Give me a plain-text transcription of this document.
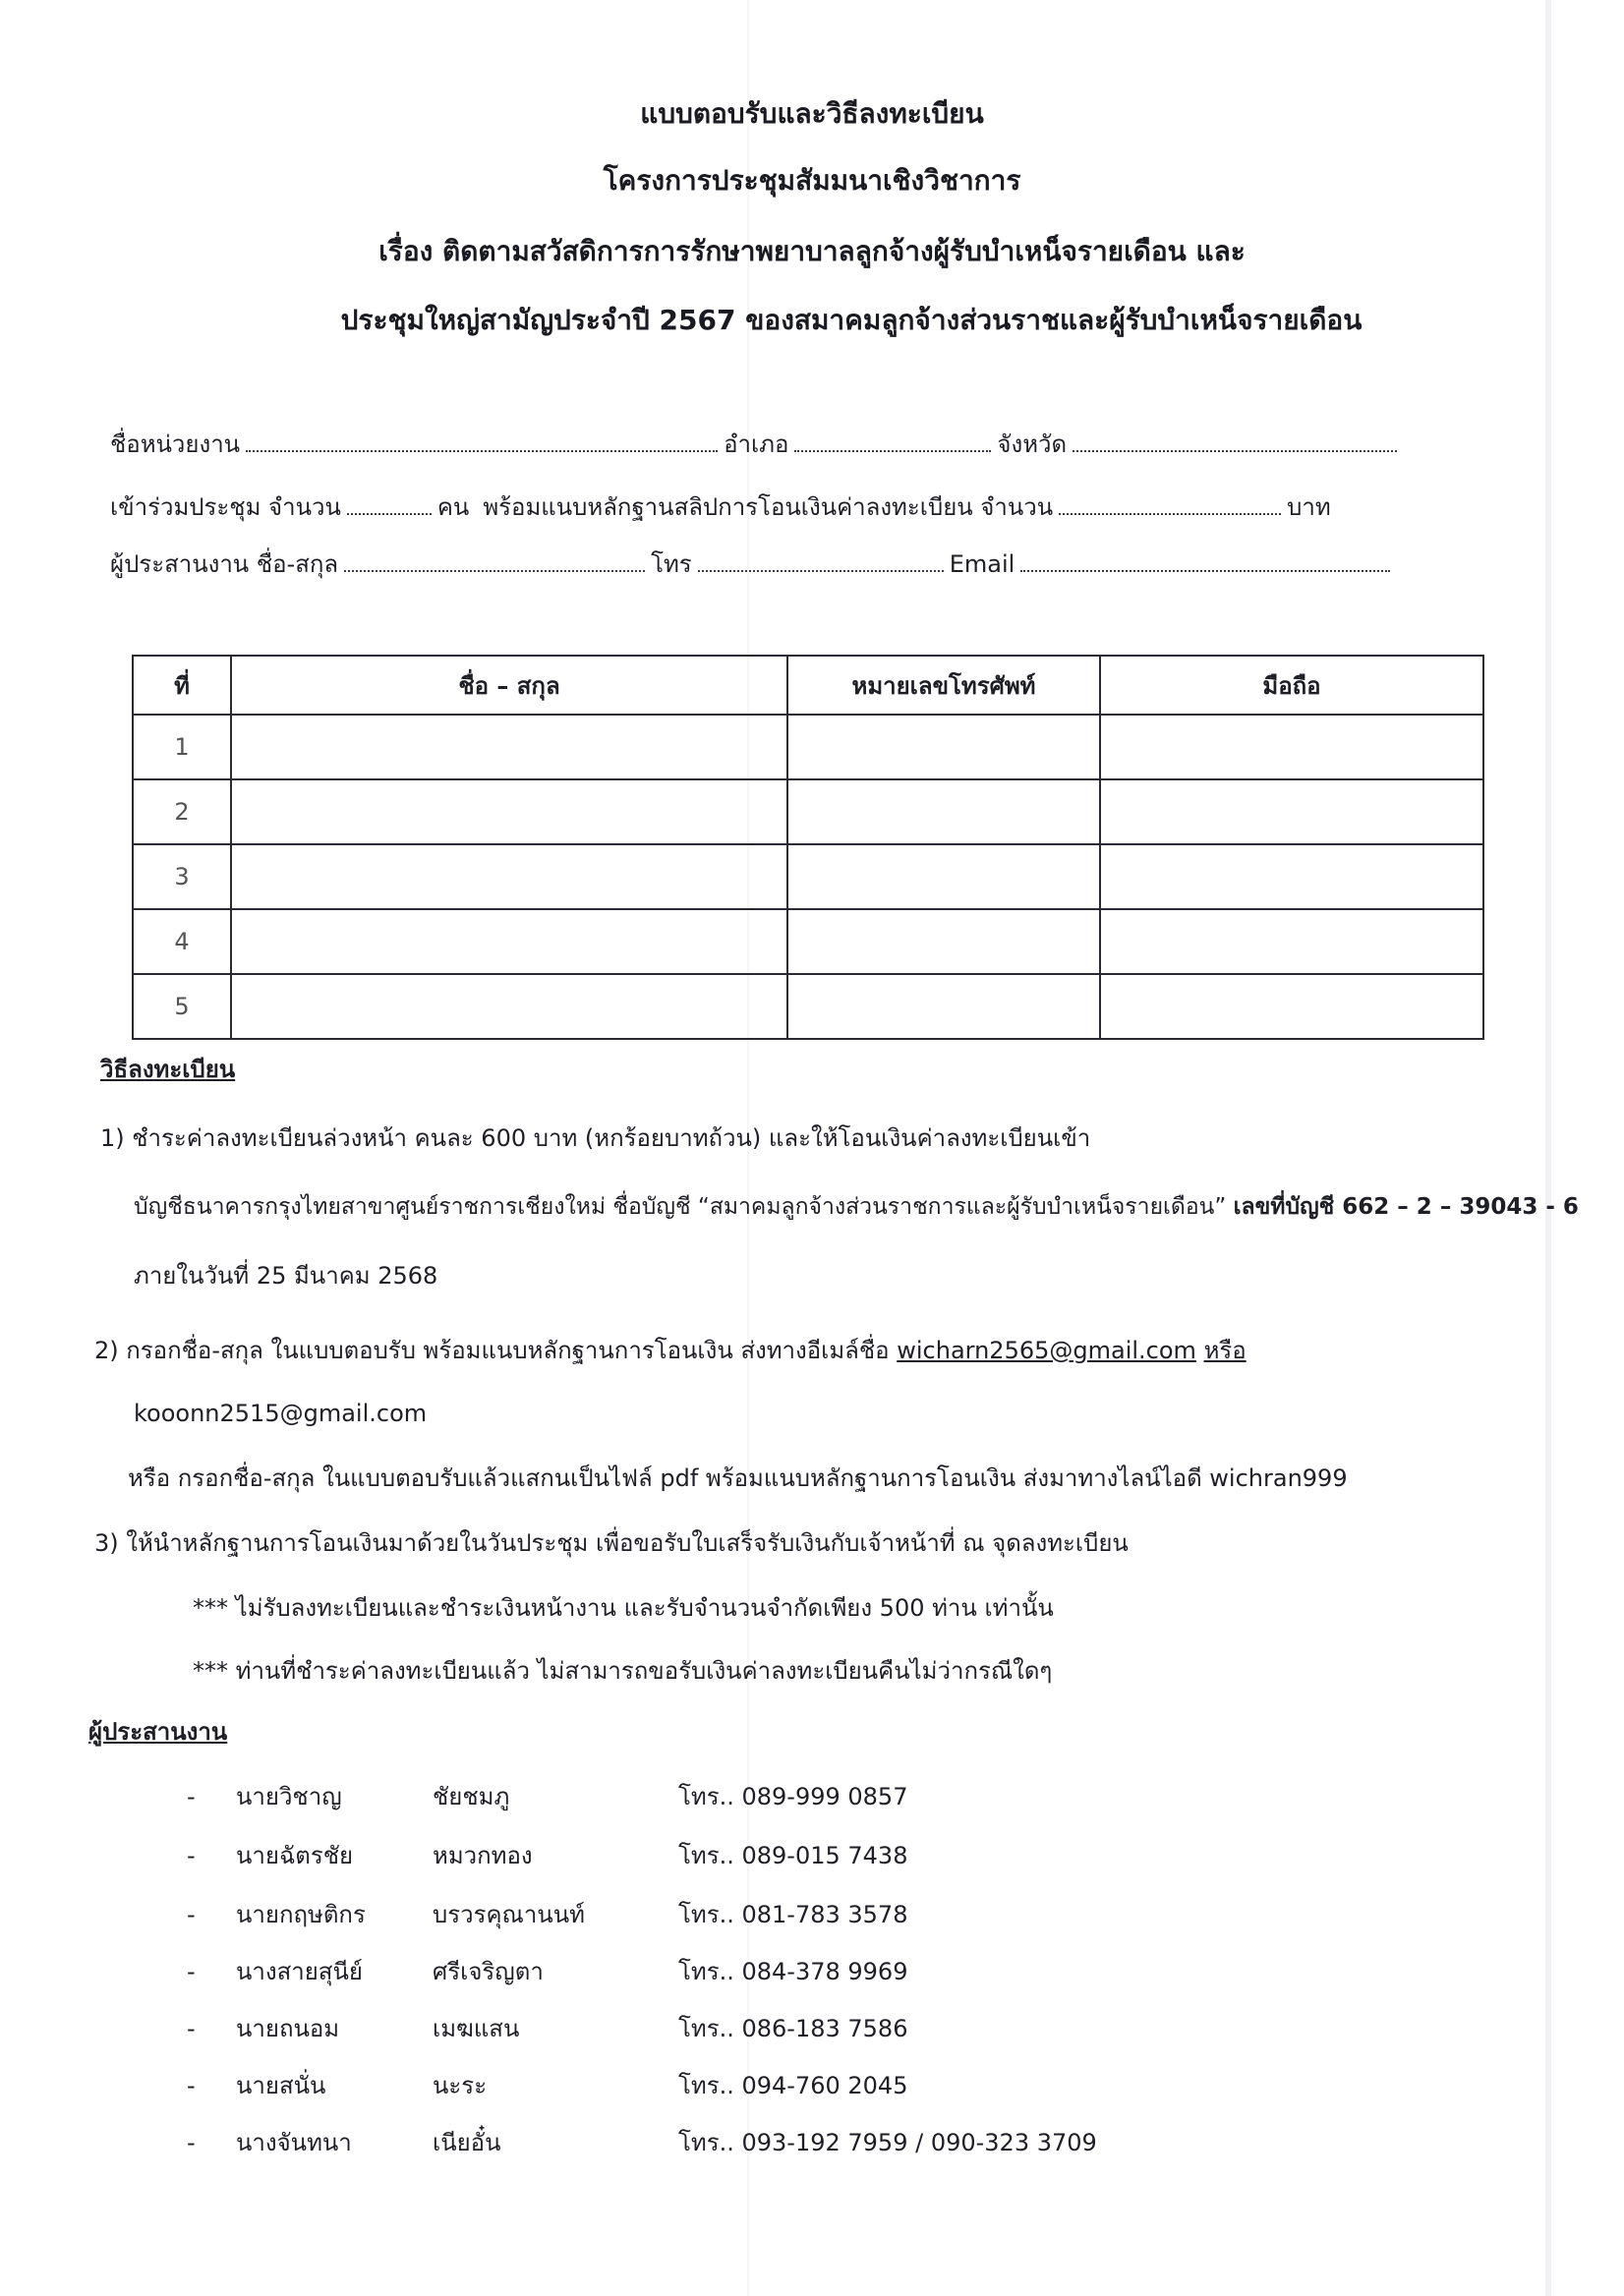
แบบตอบรับและวิธีลงทะเบียน
โครงการประชุมสัมมนาเชิงวิชาการ
เรื่อง ติดตามสวัสดิการการรักษาพยาบาลลูกจ้างผู้รับบำเหน็จรายเดือน และ
ประชุมใหญ่สามัญประจำปี 2567 ของสมาคมลูกจ้างส่วนราชและผู้รับบำเหน็จรายเดือน
ชื่อหน่วยงาน	อำเภอ	จังหวัด
เข้าร่วมประชุม จำนวน	คน พร้อมแนบหลักฐานสลิปการโอนเงินค่าลงทะเบียน จำนวน	บาท
ผู้ประสานงาน ชื่อ-สกุล	โทร	Email
ที่	ชื่อ – สกุล	หมายเลขโทรศัพท์	มือถือ
1			
2			
3			
4			
5			
วิธีลงทะเบียน
1) ชำระค่าลงทะเบียนล่วงหน้า คนละ 600 บาท (หกร้อยบาทถ้วน) และให้โอนเงินค่าลงทะเบียนเข้า
บัญชีธนาคารกรุงไทยสาขาศูนย์ราชการเชียงใหม่ ชื่อบัญชี “สมาคมลูกจ้างส่วนราชการและผู้รับบำเหน็จรายเดือน” เลขที่บัญชี 662 – 2 – 39043 - 6
ภายในวันที่ 25 มีนาคม 2568
2) กรอกชื่อ-สกุล ในแบบตอบรับ พร้อมแนบหลักฐานการโอนเงิน ส่งทางอีเมล์ชื่อ wicharn2565@gmail.com หรือ
kooonn2515@gmail.com
หรือ กรอกชื่อ-สกุล ในแบบตอบรับแล้วแสกนเป็นไฟล์ pdf พร้อมแนบหลักฐานการโอนเงิน ส่งมาทางไลน์ไอดี wichran999
3) ให้นำหลักฐานการโอนเงินมาด้วยในวันประชุม เพื่อขอรับใบเสร็จรับเงินกับเจ้าหน้าที่ ณ จุดลงทะเบียน
*** ไม่รับลงทะเบียนและชำระเงินหน้างาน และรับจำนวนจำกัดเพียง 500 ท่าน เท่านั้น
*** ท่านที่ชำระค่าลงทะเบียนแล้ว ไม่สามารถขอรับเงินค่าลงทะเบียนคืนไม่ว่ากรณีใดๆ
ผู้ประสานงาน
- นายวิชาญ	ชัยชมภู	โทร.. 089-999 0857
- นายฉัตรชัย	หมวกทอง	โทร.. 089-015 7438
- นายกฤษติกร	บรวรคุณานนท์	โทร.. 081-783 3578
- นางสายสุนีย์	ศรีเจริญตา	โทร.. 084-378 9969
- นายถนอม	เมฆแสน	โทร.. 086-183 7586
- นายสนั่น	นะระ	โทร.. 094-760 2045
- นางจันทนา	เนียอั๋น	โทร.. 093-192 7959 / 090-323 3709
